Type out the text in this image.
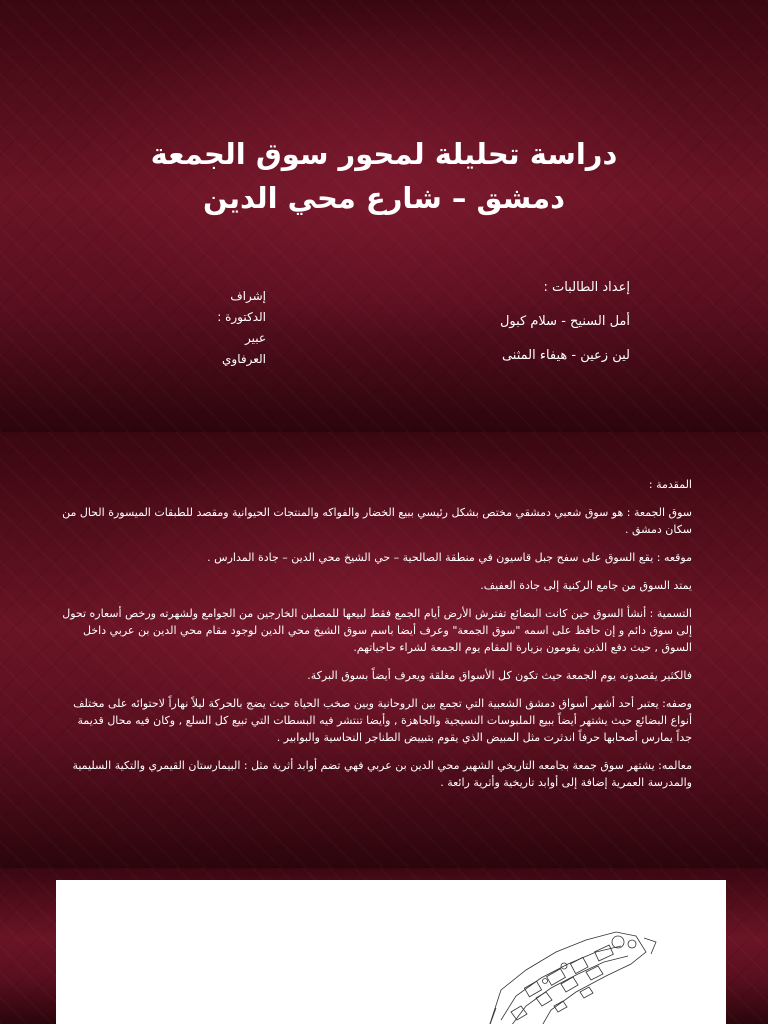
دراسة تحليلة لمحور سوق الجمعة
دمشق – شارع محي الدين
إعداد الطالبات :
أمل السنيح - سلام كبول
لين زعين - هيفاء المثنى
إشراف
الدكتورة :
عبير
العرفاوي

المقدمة :

سوق الجمعة : هو سوق شعبي دمشقي مختص بشكل رئيسي ببيع الخضار والفواكه والمنتجات الحيوانية ومقصد للطبقات الميسورة الحال من سكان دمشق .

موقعه : يقع السوق على سفح جبل قاسيون في منطقة الصالحية – حي الشيخ محي الدين – جادة المدارس .

يمتد السوق من جامع الركنية إلى جادة العفيف.

التسمية : أنشأ السوق حين كانت البضائع تفترش الأرض أيام الجمع فقط لبيعها للمصلين الخارجين من الجوامع ولشهرته ورخص أسعاره تحول إلى سوق دائم و إن حافظ على اسمه "سوق الجمعة" وعرف أيضا باسم سوق الشيخ محي الدين لوجود مقام محي الدين بن عربي داخل السوق , حيث دفع الذين يقومون بزيارة المقام يوم الجمعة لشراء حاجياتهم.

فالكثير يقصدونه يوم الجمعة حيث تكون كل الأسواق مغلقة ويعرف أيضاً بسوق البركة.

وصفه: يعتبر أحد أشهر أسواق دمشق الشعبية التي تجمع بين الروحانية وبين صخب الحياة حيث يضج بالحركة ليلاً نهاراً لاحتوائه على مختلف أنواع البضائع حيث يشتهر أيضاً ببيع الملبوسات النسيجية والجاهزة , وأيضا تنتشر فيه البسطات التي تبيع كل السلع , وكان فيه محال قديمة جداً يمارس أصحابها حرفاً اندثرت مثل المبيض الذي يقوم بتبييض الطناجر النحاسية والبوابير .

معالمه: يشتهر سوق جمعة بجامعه التاريخي الشهير محي الدين بن عربي فهي تضم أوابد أثرية مثل : البيمارستان القيمري والتكية السليمية والمدرسة العمرية إضافة إلى أوابد تاريخية وأثرية رائعة .
